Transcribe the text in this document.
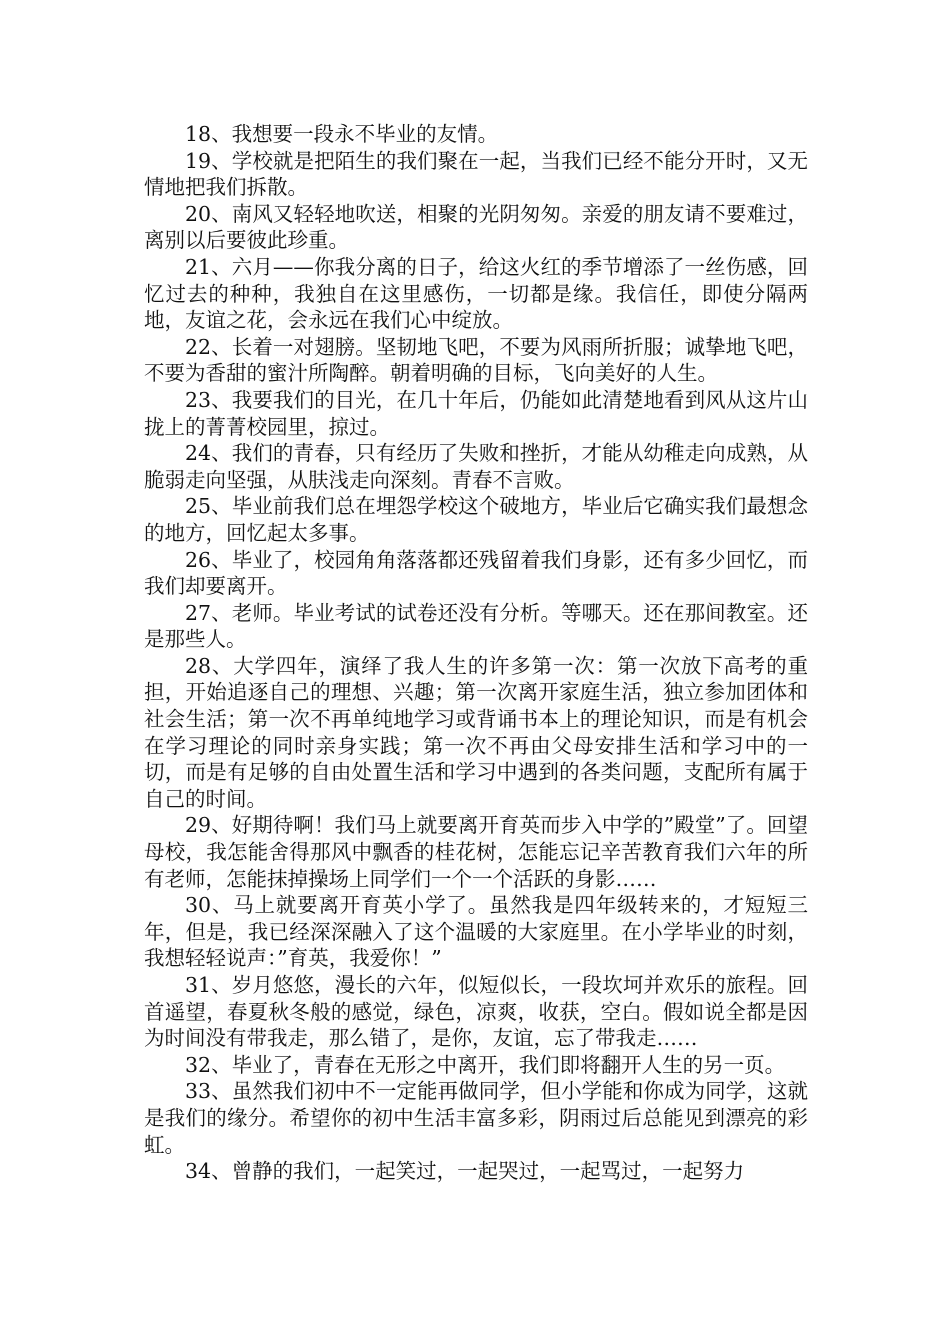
18、我想要一段永不毕业的友情。

19、学校就是把陌生的我们聚在一起，当我们已经不能分开时，又无情地把我们拆散。

20、南风又轻轻地吹送，相聚的光阴匆匆。亲爱的朋友请不要难过，离别以后要彼此珍重。

21、六月——你我分离的日子，给这火红的季节增添了一丝伤感，回忆过去的种种，我独自在这里感伤，一切都是缘。我信任，即使分隔两地，友谊之花，会永远在我们心中绽放。

22、长着一对翅膀。坚韧地飞吧，不要为风雨所折服；诚挚地飞吧，不要为香甜的蜜汁所陶醉。朝着明确的目标，飞向美好的人生。

23、我要我们的目光，在几十年后，仍能如此清楚地看到风从这片山拢上的菁菁校园里，掠过。

24、我们的青春，只有经历了失败和挫折，才能从幼稚走向成熟，从脆弱走向坚强，从肤浅走向深刻。青春不言败。

25、毕业前我们总在埋怨学校这个破地方，毕业后它确实我们最想念的地方，回忆起太多事。

26、毕业了，校园角角落落都还残留着我们身影，还有多少回忆，而我们却要离开。

27、老师。毕业考试的试卷还没有分析。等哪天。还在那间教室。还是那些人。

28、大学四年，演绎了我人生的许多第一次：第一次放下高考的重担，开始追逐自己的理想、兴趣；第一次离开家庭生活，独立参加团体和社会生活；第一次不再单纯地学习或背诵书本上的理论知识，而是有机会在学习理论的同时亲身实践；第一次不再由父母安排生活和学习中的一切，而是有足够的自由处置生活和学习中遇到的各类问题，支配所有属于自己的时间。

29、好期待啊！我们马上就要离开育英而步入中学的”殿堂”了。回望母校，我怎能舍得那风中飘香的桂花树，怎能忘记辛苦教育我们六年的所有老师，怎能抹掉操场上同学们一个一个活跃的身影……

30、马上就要离开育英小学了。虽然我是四年级转来的，才短短三年，但是，我已经深深融入了这个温暖的大家庭里。在小学毕业的时刻，我想轻轻说声：”育英，我爱你！”

31、岁月悠悠，漫长的六年，似短似长，一段坎坷并欢乐的旅程。回首遥望，春夏秋冬般的感觉，绿色，凉爽，收获，空白。假如说全都是因为时间没有带我走，那么错了，是你，友谊，忘了带我走……

32、毕业了，青春在无形之中离开，我们即将翻开人生的另一页。

33、虽然我们初中不一定能再做同学，但小学能和你成为同学，这就是我们的缘分。希望你的初中生活丰富多彩，阴雨过后总能见到漂亮的彩虹。

34、曾静的我们，一起笑过，一起哭过，一起骂过，一起努力
